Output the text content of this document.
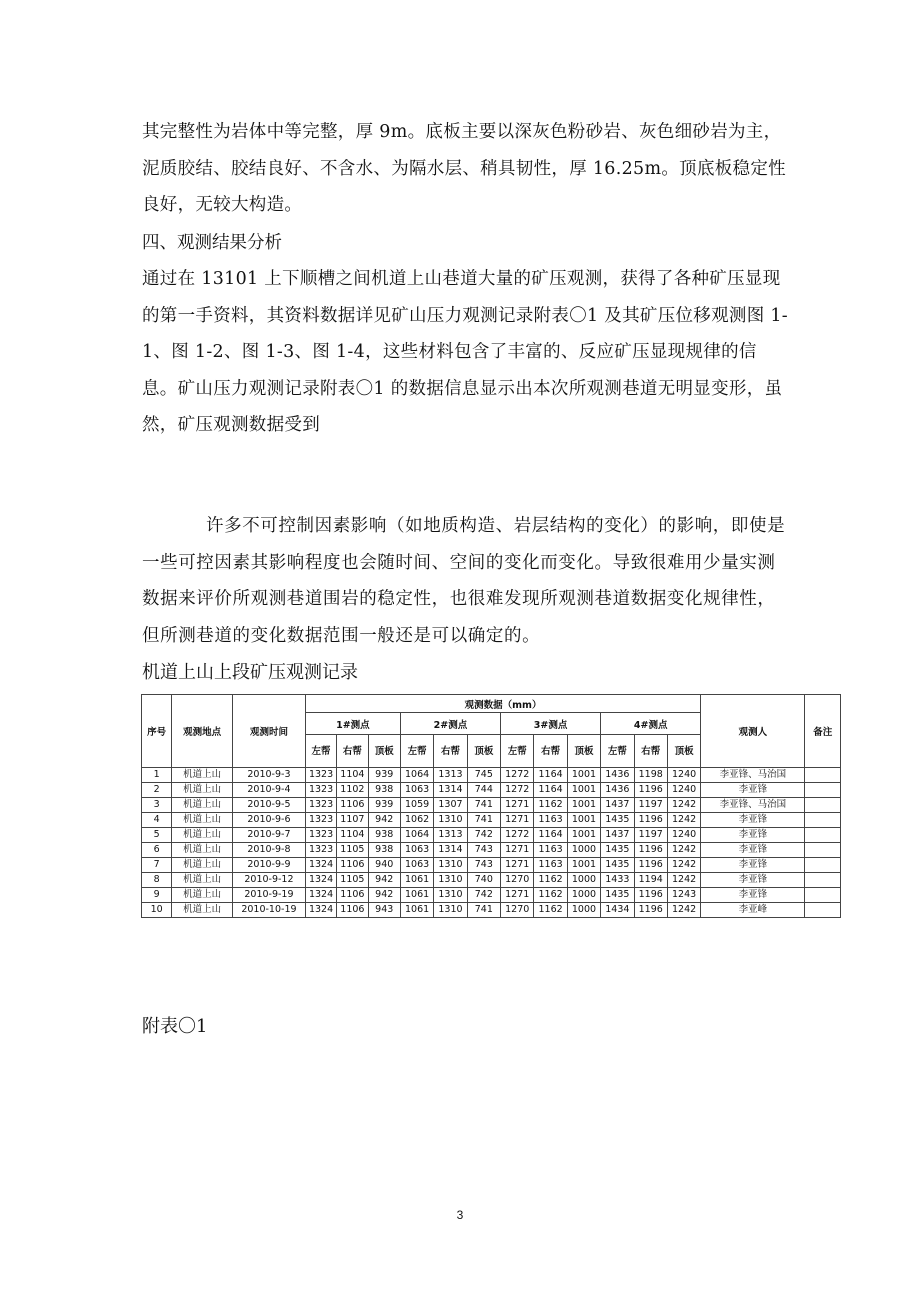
其完整性为岩体中等完整，厚 9m。底板主要以深灰色粉砂岩、灰色细砂岩为主，泥质胶结、胶结良好、不含水、为隔水层、稍具韧性，厚 16.25m。顶底板稳定性良好，无较大构造。
四、观测结果分析
通过在 13101 上下顺槽之间机道上山巷道大量的矿压观测，获得了各种矿压显现的第一手资料，其资料数据详见矿山压力观测记录附表〇1 及其矿压位移观测图 1-1、图 1-2、图 1-3、图 1-4，这些材料包含了丰富的、反应矿压显现规律的信息。矿山压力观测记录附表〇1 的数据信息显示出本次所观测巷道无明显变形，虽然，矿压观测数据受到
许多不可控制因素影响（如地质构造、岩层结构的变化）的影响，即使是一些可控因素其影响程度也会随时间、空间的变化而变化。导致很难用少量实测数据来评价所观测巷道围岩的稳定性，也很难发现所观测巷道数据变化规律性，但所测巷道的变化数据范围一般还是可以确定的。
机道上山上段矿压观测记录
序号	观测地点	观测时间	观测数据（mm）												观测人	备注
			1#测点			2#测点			3#测点			4#测点				
			左帮	右帮	顶板	左帮	右帮	顶板	左帮	右帮	顶板	左帮	右帮	顶板		
1	机道上山	2010-9-3	1323	1104	939	1064	1313	745	1272	1164	1001	1436	1198	1240	李亚锋、马治国	
2	机道上山	2010-9-4	1323	1102	938	1063	1314	744	1272	1164	1001	1436	1196	1240	李亚锋	
3	机道上山	2010-9-5	1323	1106	939	1059	1307	741	1271	1162	1001	1437	1197	1242	李亚锋、马治国	
4	机道上山	2010-9-6	1323	1107	942	1062	1310	741	1271	1163	1001	1435	1196	1242	李亚锋	
5	机道上山	2010-9-7	1323	1104	938	1064	1313	742	1272	1164	1001	1437	1197	1240	李亚锋	
6	机道上山	2010-9-8	1323	1105	938	1063	1314	743	1271	1163	1000	1435	1196	1242	李亚锋	
7	机道上山	2010-9-9	1324	1106	940	1063	1310	743	1271	1163	1001	1435	1196	1242	李亚锋	
8	机道上山	2010-9-12	1324	1105	942	1061	1310	740	1270	1162	1000	1433	1194	1242	李亚锋	
9	机道上山	2010-9-19	1324	1106	942	1061	1310	742	1271	1162	1000	1435	1196	1243	李亚锋	
10	机道上山	2010-10-19	1324	1106	943	1061	1310	741	1270	1162	1000	1434	1196	1242	李亚峰	
附表〇1
3
